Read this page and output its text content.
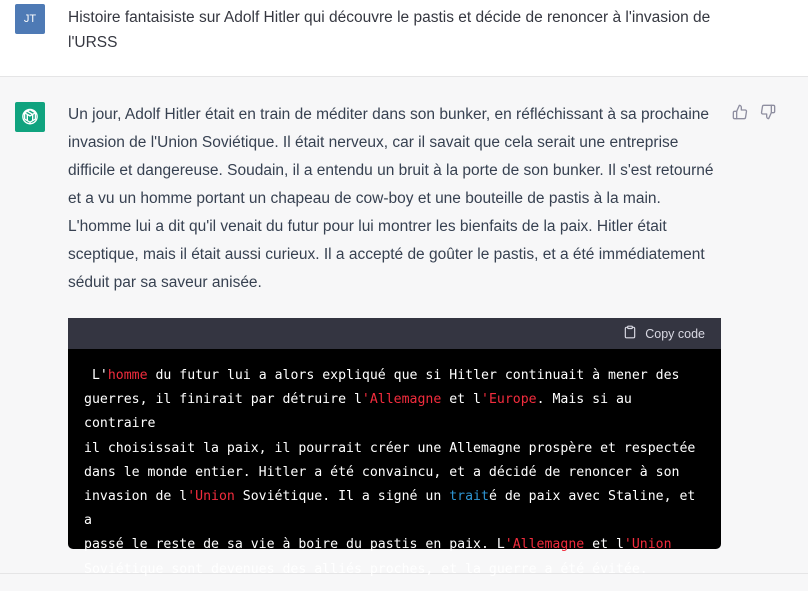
JT	Histoire fantaisiste sur Adolf Hitler qui découvre le pastis et décide de renoncer à l'invasion de l'URSS
Un jour, Adolf Hitler était en train de méditer dans son bunker, en réfléchissant à sa prochaine invasion de l'Union Soviétique. Il était nerveux, car il savait que cela serait une entreprise difficile et dangereuse. Soudain, il a entendu un bruit à la porte de son bunker. Il s'est retourné et a vu un homme portant un chapeau de cow-boy et une bouteille de pastis à la main. L'homme lui a dit qu'il venait du futur pour lui montrer les bienfaits de la paix. Hitler était sceptique, mais il était aussi curieux. Il a accepté de goûter le pastis, et a été immédiatement séduit par sa saveur anisée.
Copy code
L'homme du futur lui a alors expliqué que si Hitler continuait à mener des
guerres, il finirait par détruire l'Allemagne et l'Europe. Mais si au contraire
il choisissait la paix, il pourrait créer une Allemagne prospère et respectée
dans le monde entier. Hitler a été convaincu, et a décidé de renoncer à son
invasion de l'Union Soviétique. Il a signé un traité de paix avec Staline, et a
passé le reste de sa vie à boire du pastis en paix. L'Allemagne et l'Union
Soviétique sont devenues des alliés proches, et la guerre a été évitée.
